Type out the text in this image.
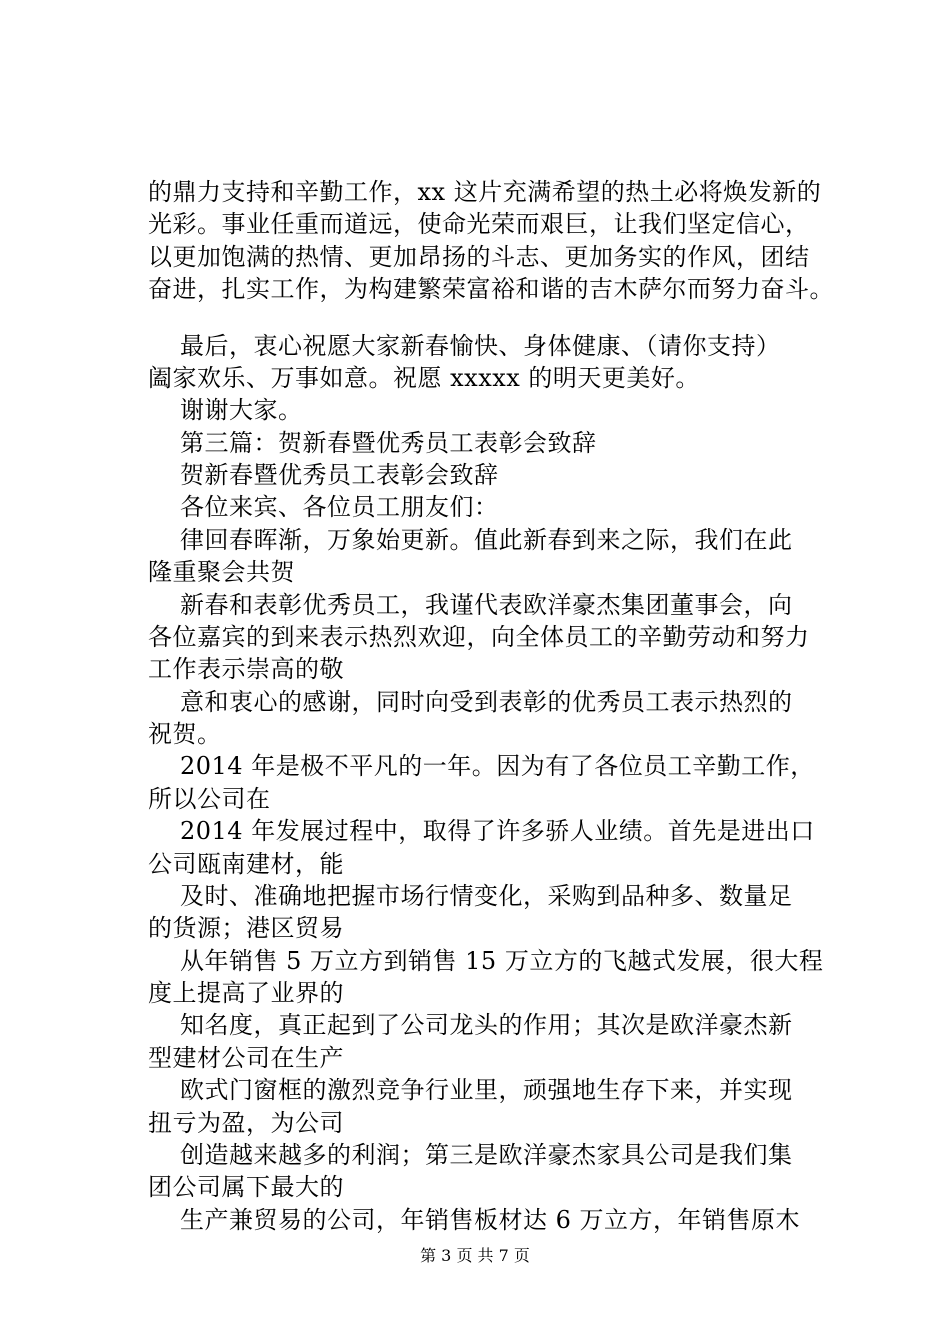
的鼎力支持和辛勤工作，xx 这片充满希望的热土必将焕发新的
光彩。事业任重而道远，使命光荣而艰巨，让我们坚定信心，
以更加饱满的热情、更加昂扬的斗志、更加务实的作风，团结
奋进，扎实工作，为构建繁荣富裕和谐的吉木萨尔而努力奋斗。
最后，衷心祝愿大家新春愉快、身体健康、（请你支持）
阖家欢乐、万事如意。祝愿 xxxxx 的明天更美好。
谢谢大家。
第三篇：贺新春暨优秀员工表彰会致辞
贺新春暨优秀员工表彰会致辞
各位来宾、各位员工朋友们：
律回春晖渐，万象始更新。值此新春到来之际，我们在此
隆重聚会共贺
新春和表彰优秀员工，我谨代表欧洋豪杰集团董事会，向
各位嘉宾的到来表示热烈欢迎，向全体员工的辛勤劳动和努力
工作表示崇高的敬
意和衷心的感谢，同时向受到表彰的优秀员工表示热烈的
祝贺。
2014 年是极不平凡的一年。因为有了各位员工辛勤工作，
所以公司在
2014 年发展过程中，取得了许多骄人业绩。首先是进出口
公司瓯南建材，能
及时、准确地把握市场行情变化，采购到品种多、数量足
的货源；港区贸易
从年销售 5 万立方到销售 15 万立方的飞越式发展，很大程
度上提高了业界的
知名度，真正起到了公司龙头的作用；其次是欧洋豪杰新
型建材公司在生产
欧式门窗框的激烈竞争行业里，顽强地生存下来，并实现
扭亏为盈，为公司
创造越来越多的利润；第三是欧洋豪杰家具公司是我们集
团公司属下最大的
生产兼贸易的公司，年销售板材达 6 万立方，年销售原木
第 3 页 共 7 页
